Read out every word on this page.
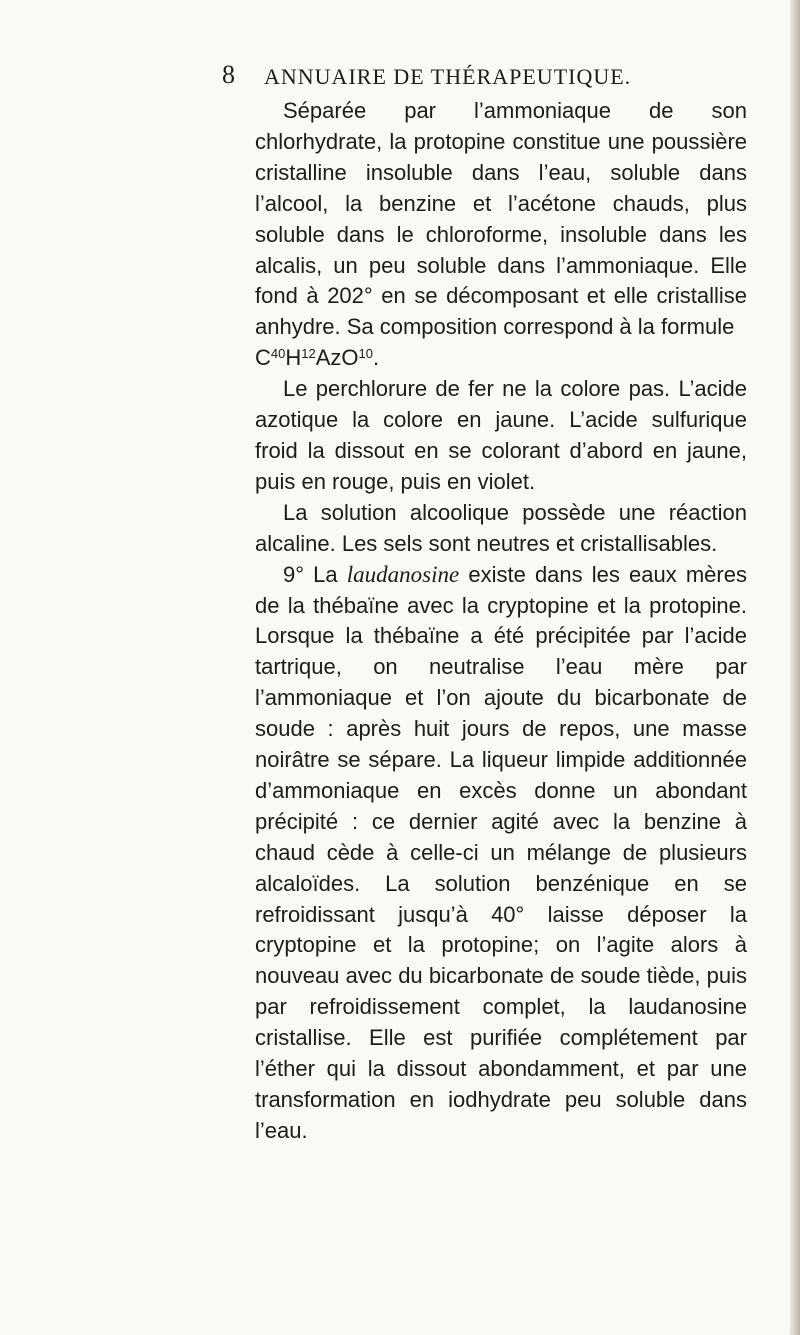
8 ANNUAIRE DE THÉRAPEUTIQUE.

Séparée par l’ammoniaque de son chlorhydrate, la protopine constitue une poussière cristalline insoluble dans l’eau, soluble dans l’alcool, la benzine et l’acétone chauds, plus soluble dans le chloroforme, insoluble dans les alcalis, un peu soluble dans l’ammoniaque. Elle fond à 202° en se décomposant et elle cristallise anhydre. Sa composition correspond à la formule
$C^{40}H^{12}AzO^{10}$.

Le perchlorure de fer ne la colore pas. L’acide azotique la colore en jaune. L’acide sulfurique froid la dissout en se colorant d’abord en jaune, puis en rouge, puis en violet.

La solution alcoolique possède une réaction alcaline. Les sels sont neutres et cristallisables.

9° La laudanosine existe dans les eaux mères de la thébaïne avec la cryptopine et la protopine. Lorsque la thébaïne a été précipitée par l’acide tartrique, on neutralise l’eau mère par l’ammoniaque et l’on ajoute du bicarbonate de soude : après huit jours de repos, une masse noirâtre se sépare. La liqueur limpide additionnée d’ammoniaque en excès donne un abondant précipité : ce dernier agité avec la benzine à chaud cède à celle-ci un mélange de plusieurs alcaloïdes. La solution benzénique en se refroidissant jusqu’à 40° laisse déposer la cryptopine et la protopine; on l’agite alors à nouveau avec du bicarbonate de soude tiède, puis par refroidissement complet, la laudanosine cristallise. Elle est purifiée complétement par l’éther qui la dissout abondamment, et par une transformation en iodhydrate peu soluble dans l’eau.
